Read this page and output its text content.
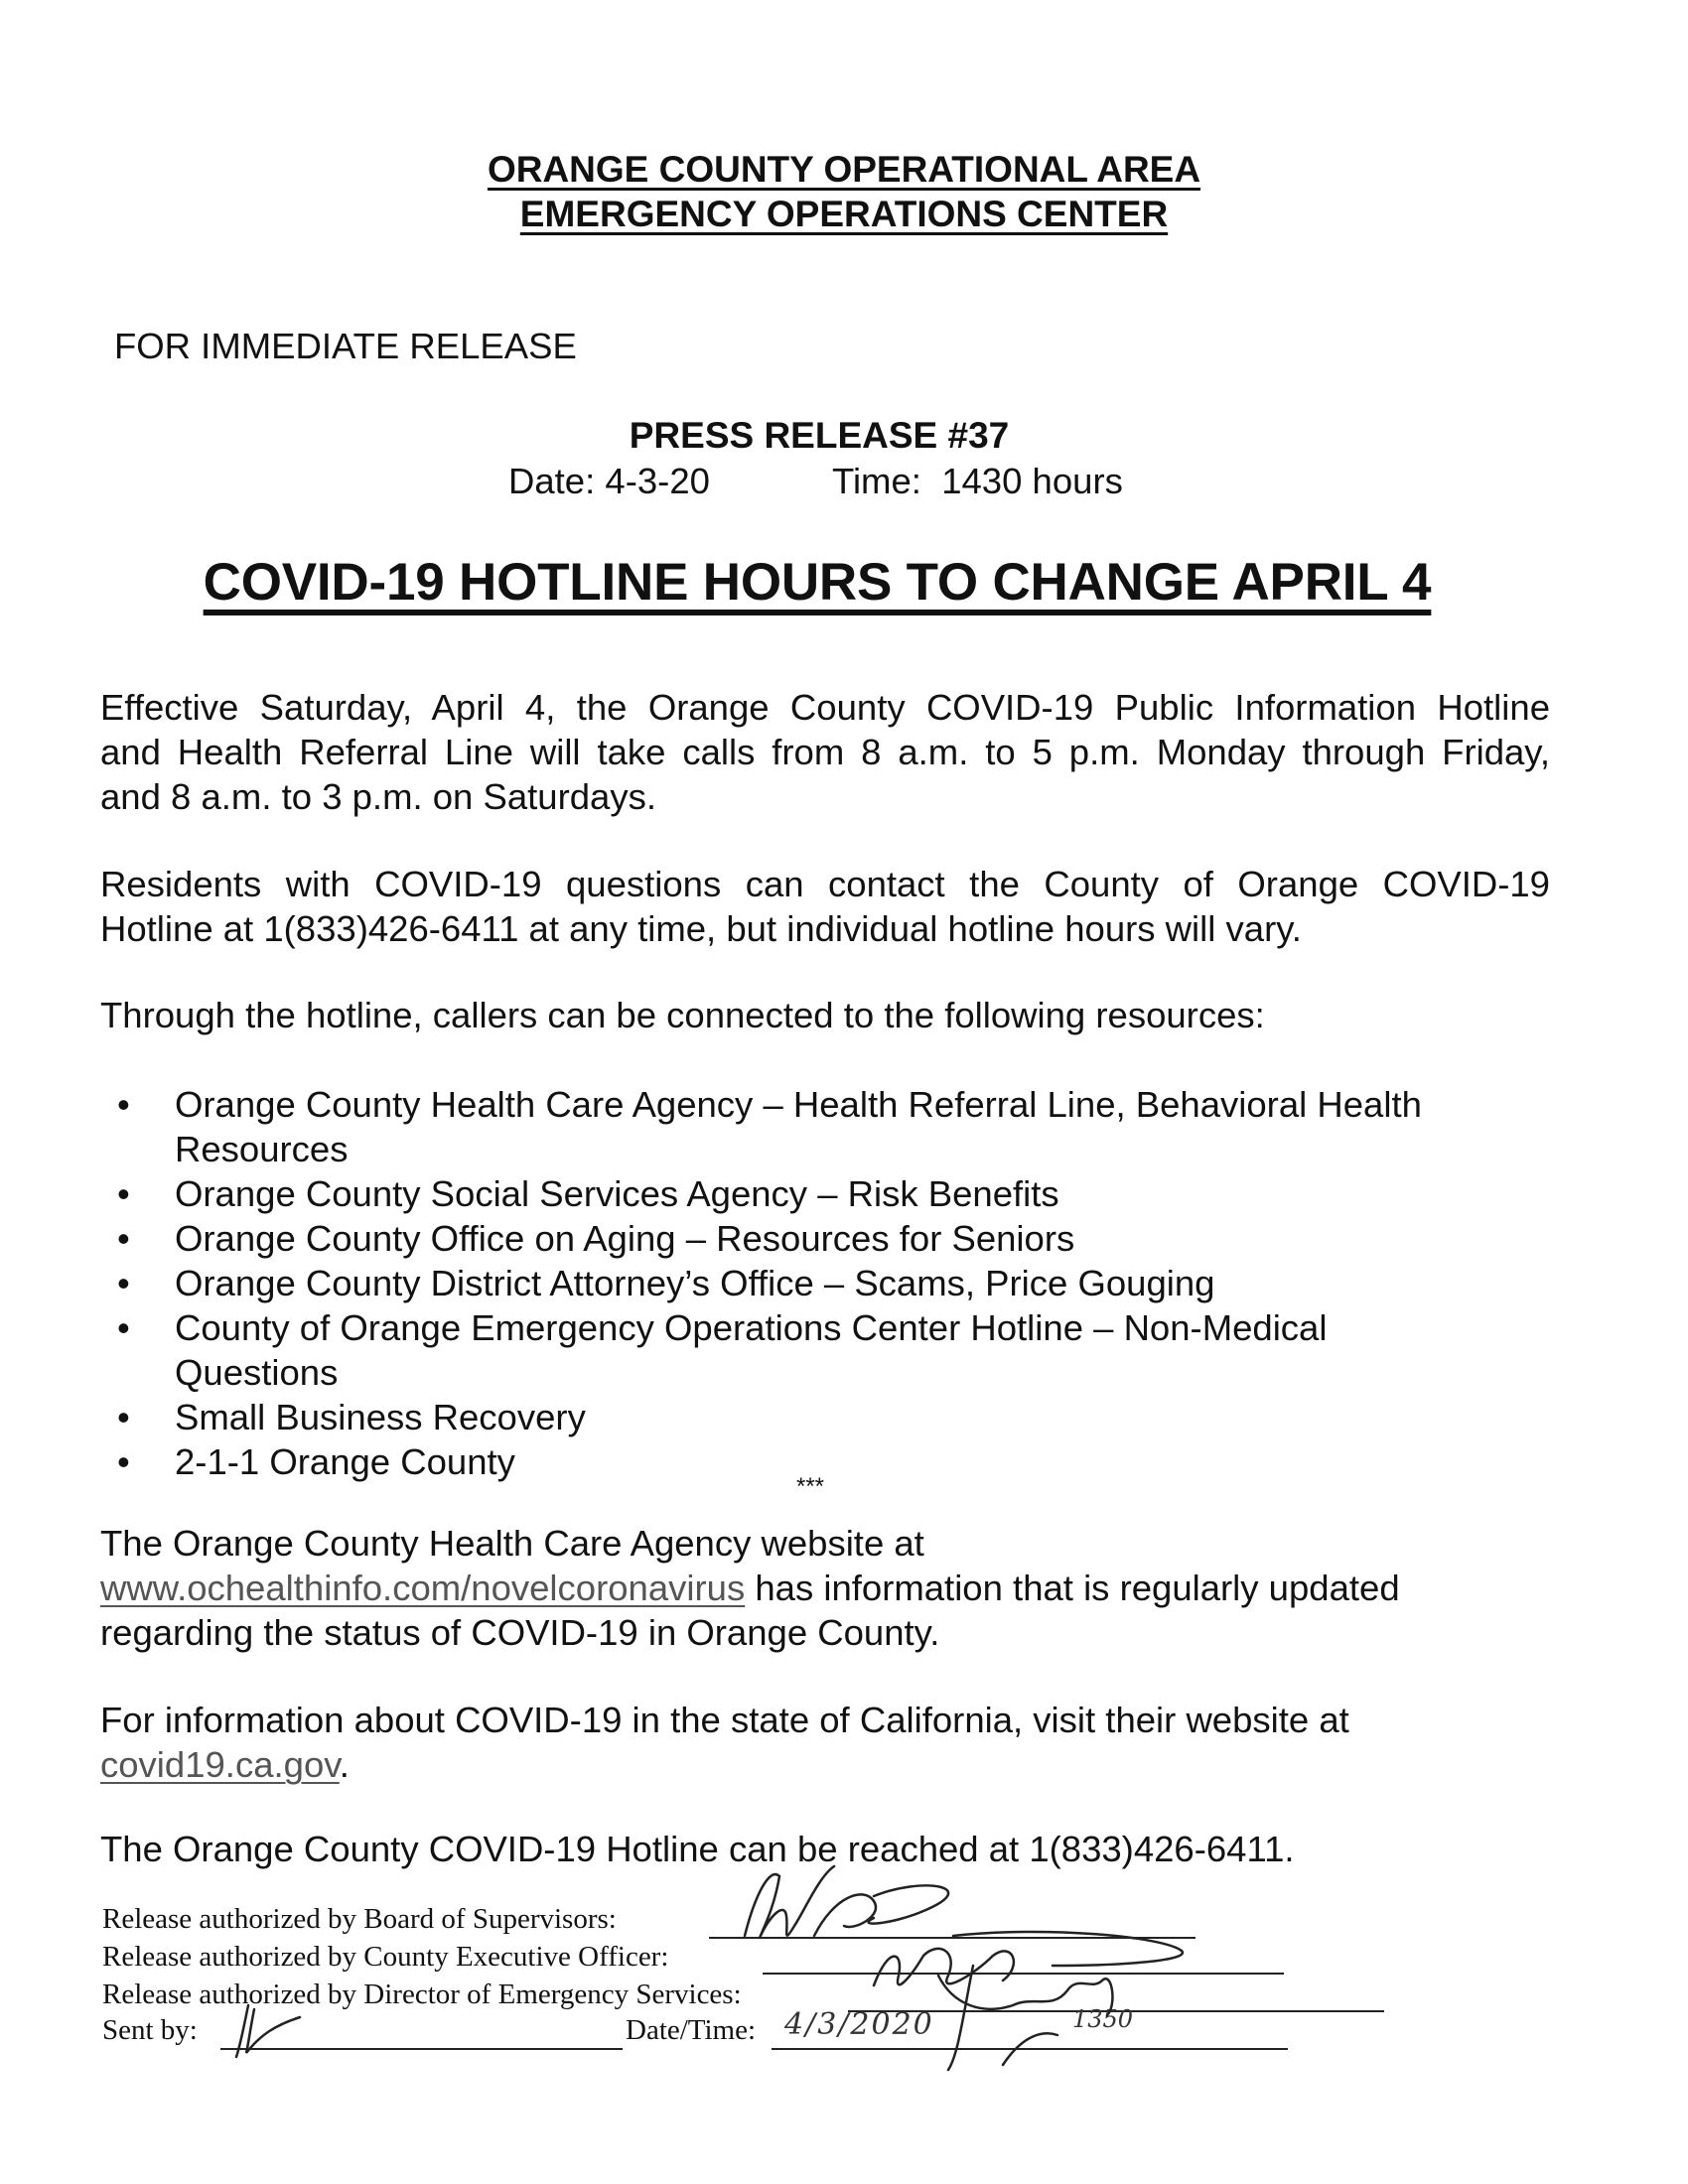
ORANGE COUNTY OPERATIONAL AREA
EMERGENCY OPERATIONS CENTER
FOR IMMEDIATE RELEASE
PRESS RELEASE #37
Date: 4-3-20	Time: 1430 hours
COVID-19 HOTLINE HOURS TO CHANGE APRIL 4

Effective Saturday, April 4, the Orange County COVID-19 Public Information Hotline

and Health Referral Line will take calls from 8 a.m. to 5 p.m. Monday through Friday,

and 8 a.m. to 3 p.m. on Saturdays.

Residents with COVID-19 questions can contact the County of Orange COVID-19

Hotline at 1(833)426-6411 at any time, but individual hotline hours will vary.

Through the hotline, callers can be connected to the following resources:

•	Orange County Health Care Agency – Health Referral Line, Behavioral Health
Resources
•	Orange County Social Services Agency – Risk Benefits
•	Orange County Office on Aging – Resources for Seniors
•	Orange County District Attorney’s Office – Scams, Price Gouging
•	County of Orange Emergency Operations Center Hotline – Non-Medical
Questions
•	Small Business Recovery
•	2-1-1 Orange County
***

The Orange County Health Care Agency website at

www.ochealthinfo.com/novelcoronavirus has information that is regularly updated

regarding the status of COVID-19 in Orange County.

For information about COVID-19 in the state of California, visit their website at

covid19.ca.gov.

The Orange County COVID-19 Hotline can be reached at 1(833)426-6411.

Release authorized by Board of Supervisors:
Release authorized by County Executive Officer:
Release authorized by Director of Emergency Services:
Sent by:	Date/Time: 4/3/2020	1350
